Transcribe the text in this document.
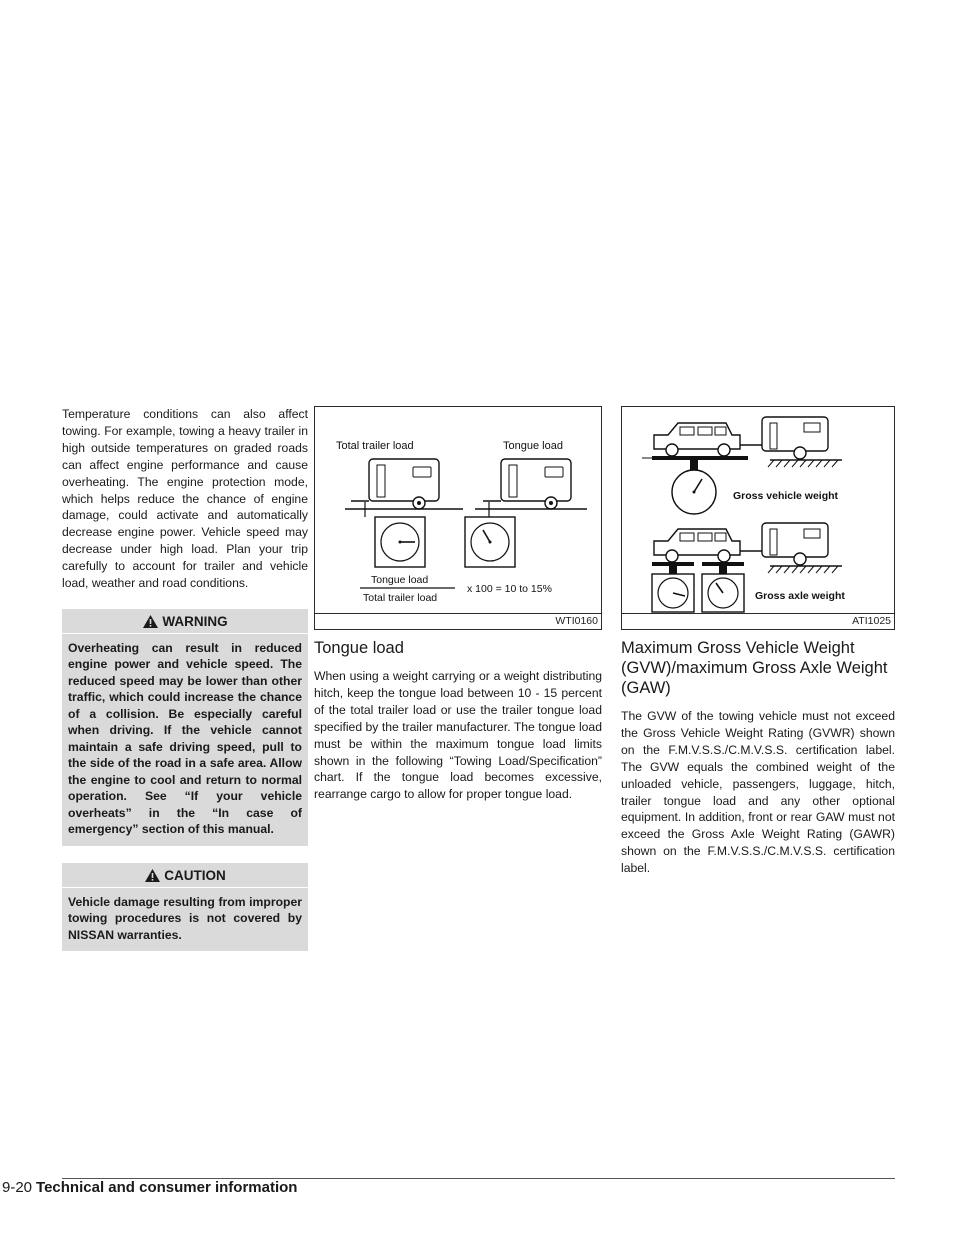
Temperature conditions can also affect towing. For example, towing a heavy trailer in high outside temperatures on graded roads can affect engine performance and cause overheating. The engine protection mode, which helps reduce the chance of engine damage, could activate and automatically decrease engine power. Vehicle speed may decrease under high load. Plan your trip carefully to account for trailer and vehicle load, weather and road conditions.

WARNING
Overheating can result in reduced engine power and vehicle speed. The reduced speed may be lower than other traffic, which could increase the chance of a collision. Be especially careful when driving. If the vehicle cannot maintain a safe driving speed, pull to the side of the road in a safe area. Allow the engine to cool and return to normal operation. See “If your vehicle overheats” in the “In case of emergency” section of this manual.
CAUTION
Vehicle damage resulting from improper towing procedures is not covered by NISSAN warranties.
Total trailer load	Tongue load
Tongue load
Total trailer load
x 100 = 10 to 15%
WTI0160
Tongue load

When using a weight carrying or a weight distributing hitch, keep the tongue load between 10 - 15 percent of the total trailer load or use the trailer tongue load specified by the trailer manufacturer. The tongue load must be within the maximum tongue load limits shown in the following “Towing Load/Specification” chart. If the tongue load becomes excessive, rearrange cargo to allow for proper tongue load.

Gross vehicle weight
Gross axle weight
ATI1025
Maximum Gross Vehicle Weight (GVW)/maximum Gross Axle Weight (GAW)

The GVW of the towing vehicle must not exceed the Gross Vehicle Weight Rating (GVWR) shown on the F.M.V.S.S./C.M.V.S.S. certification label. The GVW equals the combined weight of the unloaded vehicle, passengers, luggage, hitch, trailer tongue load and any other optional equipment. In addition, front or rear GAW must not exceed the Gross Axle Weight Rating (GAWR) shown on the F.M.V.S.S./C.M.V.S.S. certification label.

9-20 Technical and consumer information
